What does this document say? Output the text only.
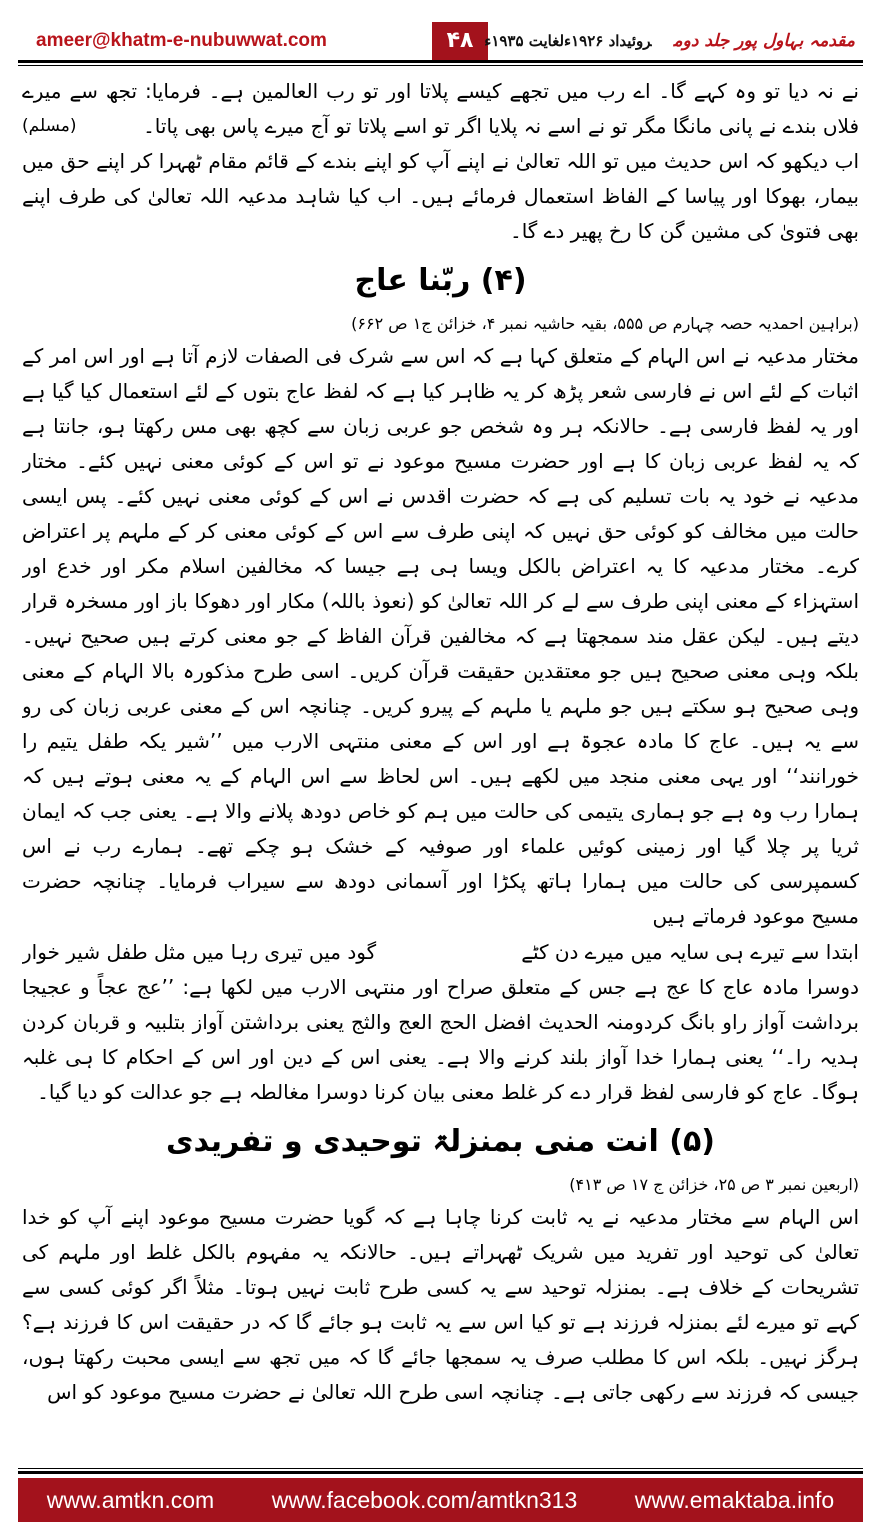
ameer@khatm-e-nubuwwat.com	۴۸	مقدمہ بہاول پور جلد دومروئیداد ۱۹۲۶ءلغایت ۱۹۳۵ء

نے نہ دیا تو وہ کہے گا۔ اے رب میں تجھے کیسے پلاتا اور تو رب العالمین ہے۔ فرمایا: تجھ سے میرے فلاں بندے نے پانی مانگا مگر تو نے اسے نہ پلایا اگر تو اسے پلاتا تو آج میرے پاس بھی پاتا۔
(مسلم)

اب دیکھو کہ اس حدیث میں تو اللہ تعالیٰ نے اپنے آپ کو اپنے بندے کے قائم مقام ٹھہرا کر اپنے حق میں بیمار، بھوکا اور پیاسا کے الفاظ استعمال فرمائے ہیں۔ اب کیا شاہد مدعیہ اللہ تعالیٰ کی طرف اپنے بھی فتویٰ کی مشین گن کا رخ پھیر دے گا۔

(۴) ربّنا عاج
(براہین احمدیہ حصہ چہارم ص ۵۵۵، بقیہ حاشیہ نمبر ۴، خزائن ج۱ ص ۶۶۲)

مختار مدعیہ نے اس الہام کے متعلق کہا ہے کہ اس سے شرک فی الصفات لازم آتا ہے اور اس امر کے اثبات کے لئے اس نے فارسی شعر پڑھ کر یہ ظاہر کیا ہے کہ لفظ عاج بتوں کے لئے استعمال کیا گیا ہے اور یہ لفظ فارسی ہے۔ حالانکہ ہر وہ شخص جو عربی زبان سے کچھ بھی مس رکھتا ہو، جانتا ہے کہ یہ لفظ عربی زبان کا ہے اور حضرت مسیح موعود نے تو اس کے کوئی معنی نہیں کئے۔ مختار مدعیہ نے خود یہ بات تسلیم کی ہے کہ حضرت اقدس نے اس کے کوئی معنی نہیں کئے۔ پس ایسی حالت میں مخالف کو کوئی حق نہیں کہ اپنی طرف سے اس کے کوئی معنی کر کے ملہم پر اعتراض کرے۔ مختار مدعیہ کا یہ اعتراض بالکل ویسا ہی ہے جیسا کہ مخالفین اسلام مکر اور خدع اور استہزاء کے معنی اپنی طرف سے لے کر اللہ تعالیٰ کو (نعوذ باللہ) مکار اور دھوکا باز اور مسخرہ قرار دیتے ہیں۔ لیکن عقل مند سمجھتا ہے کہ مخالفین قرآن الفاظ کے جو معنی کرتے ہیں صحیح نہیں۔ بلکہ وہی معنی صحیح ہیں جو معتقدین حقیقت قرآن کریں۔ اسی طرح مذکورہ بالا الہام کے معنی وہی صحیح ہو سکتے ہیں جو ملہم یا ملہم کے پیرو کریں۔ چنانچہ اس کے معنی عربی زبان کی رو سے یہ ہیں۔ عاج کا مادہ عجوۃ ہے اور اس کے معنی منتہی الارب میں ’’شیر یکہ طفل یتیم را خورانند‘‘ اور یہی معنی منجد میں لکھے ہیں۔ اس لحاظ سے اس الہام کے یہ معنی ہوتے ہیں کہ ہمارا رب وہ ہے جو ہماری یتیمی کی حالت میں ہم کو خاص دودھ پلانے والا ہے۔ یعنی جب کہ ایمان ثریا پر چلا گیا اور زمینی کوئیں علماء اور صوفیہ کے خشک ہو چکے تھے۔ ہمارے رب نے اس کسمپرسی کی حالت میں ہمارا ہاتھ پکڑا اور آسمانی دودھ سے سیراب فرمایا۔ چنانچہ حضرت مسیح موعود فرماتے ہیں

ابتدا سے تیرے ہی سایہ میں میرے دن کٹے
گود میں تیری رہا میں مثل طفل شیر خوار

دوسرا مادہ عاج کا عج ہے جس کے متعلق صراح اور منتہی الارب میں لکھا ہے: ’’عج عجاً و عجیجا برداشت آواز راو بانگ کردومنہ الحدیث افضل الحج العج والثج یعنی برداشتن آواز بتلبیہ و قربان کردن ہدیہ را۔‘‘ یعنی ہمارا خدا آواز بلند کرنے والا ہے۔ یعنی اس کے دین اور اس کے احکام کا ہی غلبہ ہوگا۔ عاج کو فارسی لفظ قرار دے کر غلط معنی بیان کرنا دوسرا مغالطہ ہے جو عدالت کو دیا گیا۔

(۵) انت منی بمنزلۃ توحیدی و تفریدی
(اربعین نمبر ۳ ص ۲۵، خزائن ج ۱۷ ص ۴۱۳)

اس الہام سے مختار مدعیہ نے یہ ثابت کرنا چاہا ہے کہ گویا حضرت مسیح موعود اپنے آپ کو خدا تعالیٰ کی توحید اور تفرید میں شریک ٹھہراتے ہیں۔ حالانکہ یہ مفہوم بالکل غلط اور ملہم کی تشریحات کے خلاف ہے۔ بمنزلہ توحید سے یہ کسی طرح ثابت نہیں ہوتا۔ مثلاً اگر کوئی کسی سے کہے تو میرے لئے بمنزلہ فرزند ہے تو کیا اس سے یہ ثابت ہو جائے گا کہ در حقیقت اس کا فرزند ہے؟ ہرگز نہیں۔ بلکہ اس کا مطلب صرف یہ سمجھا جائے گا کہ میں تجھ سے ایسی محبت رکھتا ہوں، جیسی کہ فرزند سے رکھی جاتی ہے۔ چنانچہ اسی طرح اللہ تعالیٰ نے حضرت مسیح موعود کو اس

www.amtkn.com	www.facebook.com/amtkn313	www.emaktaba.info
